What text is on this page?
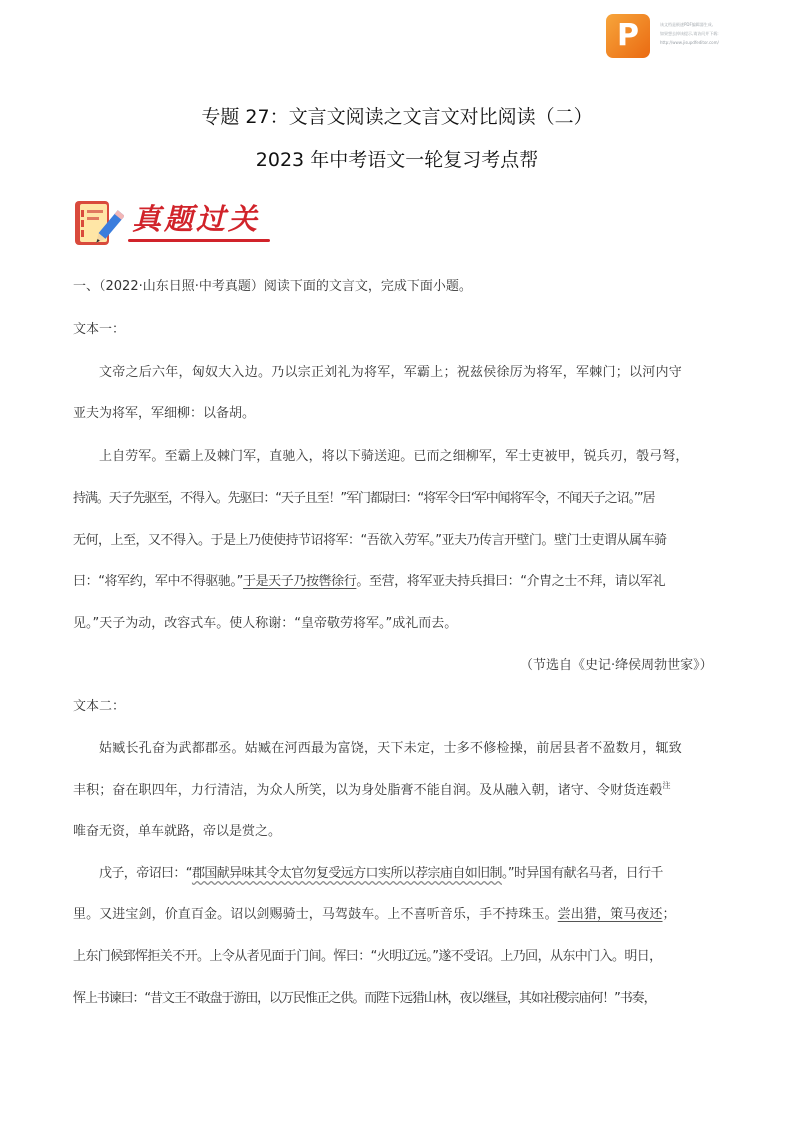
P	该文档是极速PDF编辑器生成,
如果想去掉该提示,请访问并下载:
http://www.jisupdfeditor.com/
专题 27：文言文阅读之文言文对比阅读（二）
2023 年中考语文一轮复习考点帮
真题过关
一、（2022·山东日照·中考真题）阅读下面的文言文，完成下面小题。
文本一：
文帝之后六年，匈奴大入边。乃以宗正刘礼为将军，军霸上；祝兹侯徐厉为将军，军棘门；以河内守
亚夫为将军，军细柳：以备胡。
上自劳军。至霸上及棘门军，直驰入，将以下骑送迎。已而之细柳军，军士吏被甲，锐兵刃，彀弓弩，
持满。天子先驱至，不得入。先驱曰：“天子且至！”军门都尉曰：“将军令曰‘军中闻将军令，不闻天子之诏。’”居
无何，上至，又不得入。于是上乃使使持节诏将军：“吾欲入劳军。”亚夫乃传言开壁门。壁门士吏谓从属车骑
曰：“将军约，军中不得驱驰。”于是天子乃按辔徐行。至营，将军亚夫持兵揖曰：“介胄之士不拜，请以军礼
见。”天子为动，改容式车。使人称谢：“皇帝敬劳将军。”成礼而去。
（节选自《史记·绛侯周勃世家》）
文本二：
姑臧长孔奋为武都郡丞。姑臧在河西最为富饶，天下未定，士多不修检操，前居县者不盈数月，辄致
丰积；奋在职四年，力行清洁，为众人所笑，以为身处脂膏不能自润。及从融入朝，诸守、令财货连毂$^注$
唯奋无资，单车就路，帝以是赏之。
戊子，帝诏曰：“郡国献异味其令太官勿复受远方口实所以荐宗庙自如旧制。”时异国有献名马者，日行千
里。又进宝剑，价直百金。诏以剑赐骑士，马驾鼓车。上不喜听音乐，手不持珠玉。尝出猎，策马夜还；
上东门候郅恽拒关不开。上令从者见面于门间。恽曰：“火明辽远。”遂不受诏。上乃回，从东中门入。明日，
恽上书谏曰：“昔文王不敢盘于游田，以万民惟正之供。而陛下远猎山林，夜以继昼，其如社稷宗庙何！”书奏，
